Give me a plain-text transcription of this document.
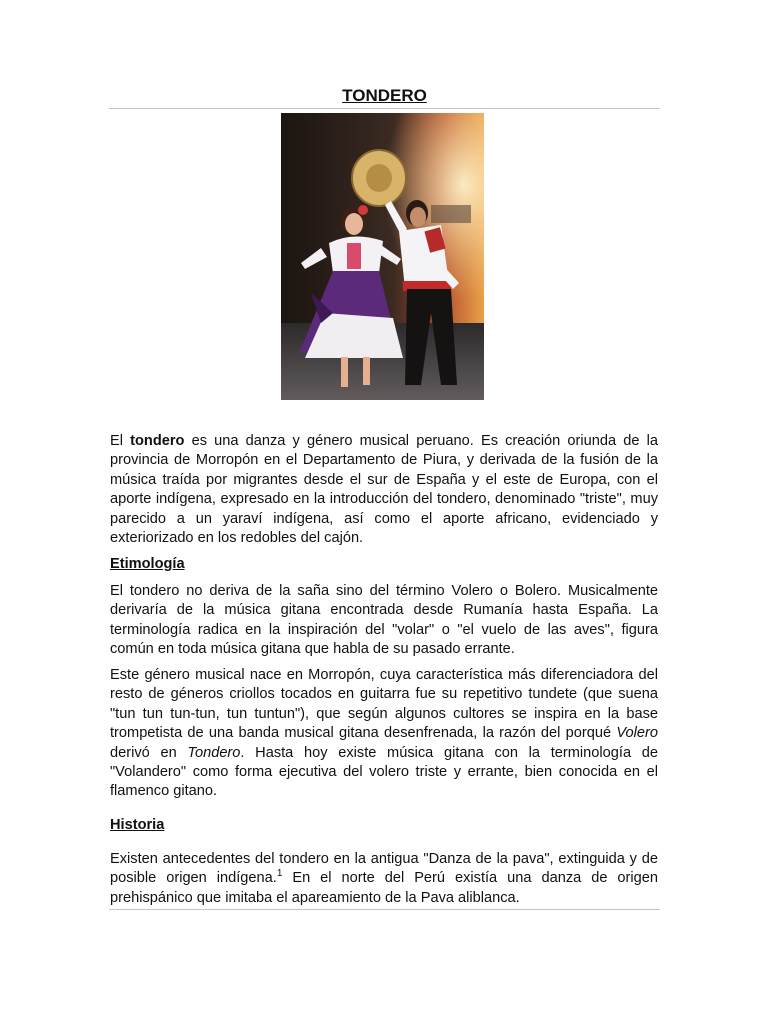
TONDERO

El tondero es una danza y género musical peruano. Es creación oriunda de la provincia de Morropón en el Departamento de Piura, y derivada de la fusión de la música traída por migrantes desde el sur de España y el este de Europa, con el aporte indígena, expresado en la introducción del tondero, denominado "triste", muy parecido a un yaraví indígena, así como el aporte africano, evidenciado y exteriorizado en los redobles del cajón.

Etimología

El tondero no deriva de la saña sino del término Volero o Bolero. Musicalmente derivaría de la música gitana encontrada desde Rumanía hasta España. La terminología radica en la inspiración del "volar" o "el vuelo de las aves", figura común en toda música gitana que habla de su pasado errante.

Este género musical nace en Morropón, cuya característica más diferenciadora del resto de géneros criollos tocados en guitarra fue su repetitivo tundete (que suena "tun tun tun-tun, tun tuntun"), que según algunos cultores se inspira en la base trompetista de una banda musical gitana desenfrenada, la razón del porqué Volero derivó en Tondero. Hasta hoy existe música gitana con la terminología de "Volandero" como forma ejecutiva del volero triste y errante, bien conocida en el flamenco gitano.

Historia

Existen antecedentes del tondero en la antigua "Danza de la pava", extinguida y de posible origen indígena.$^1$ En el norte del Perú existía una danza de origen prehispánico que imitaba el apareamiento de la Pava aliblanca.
